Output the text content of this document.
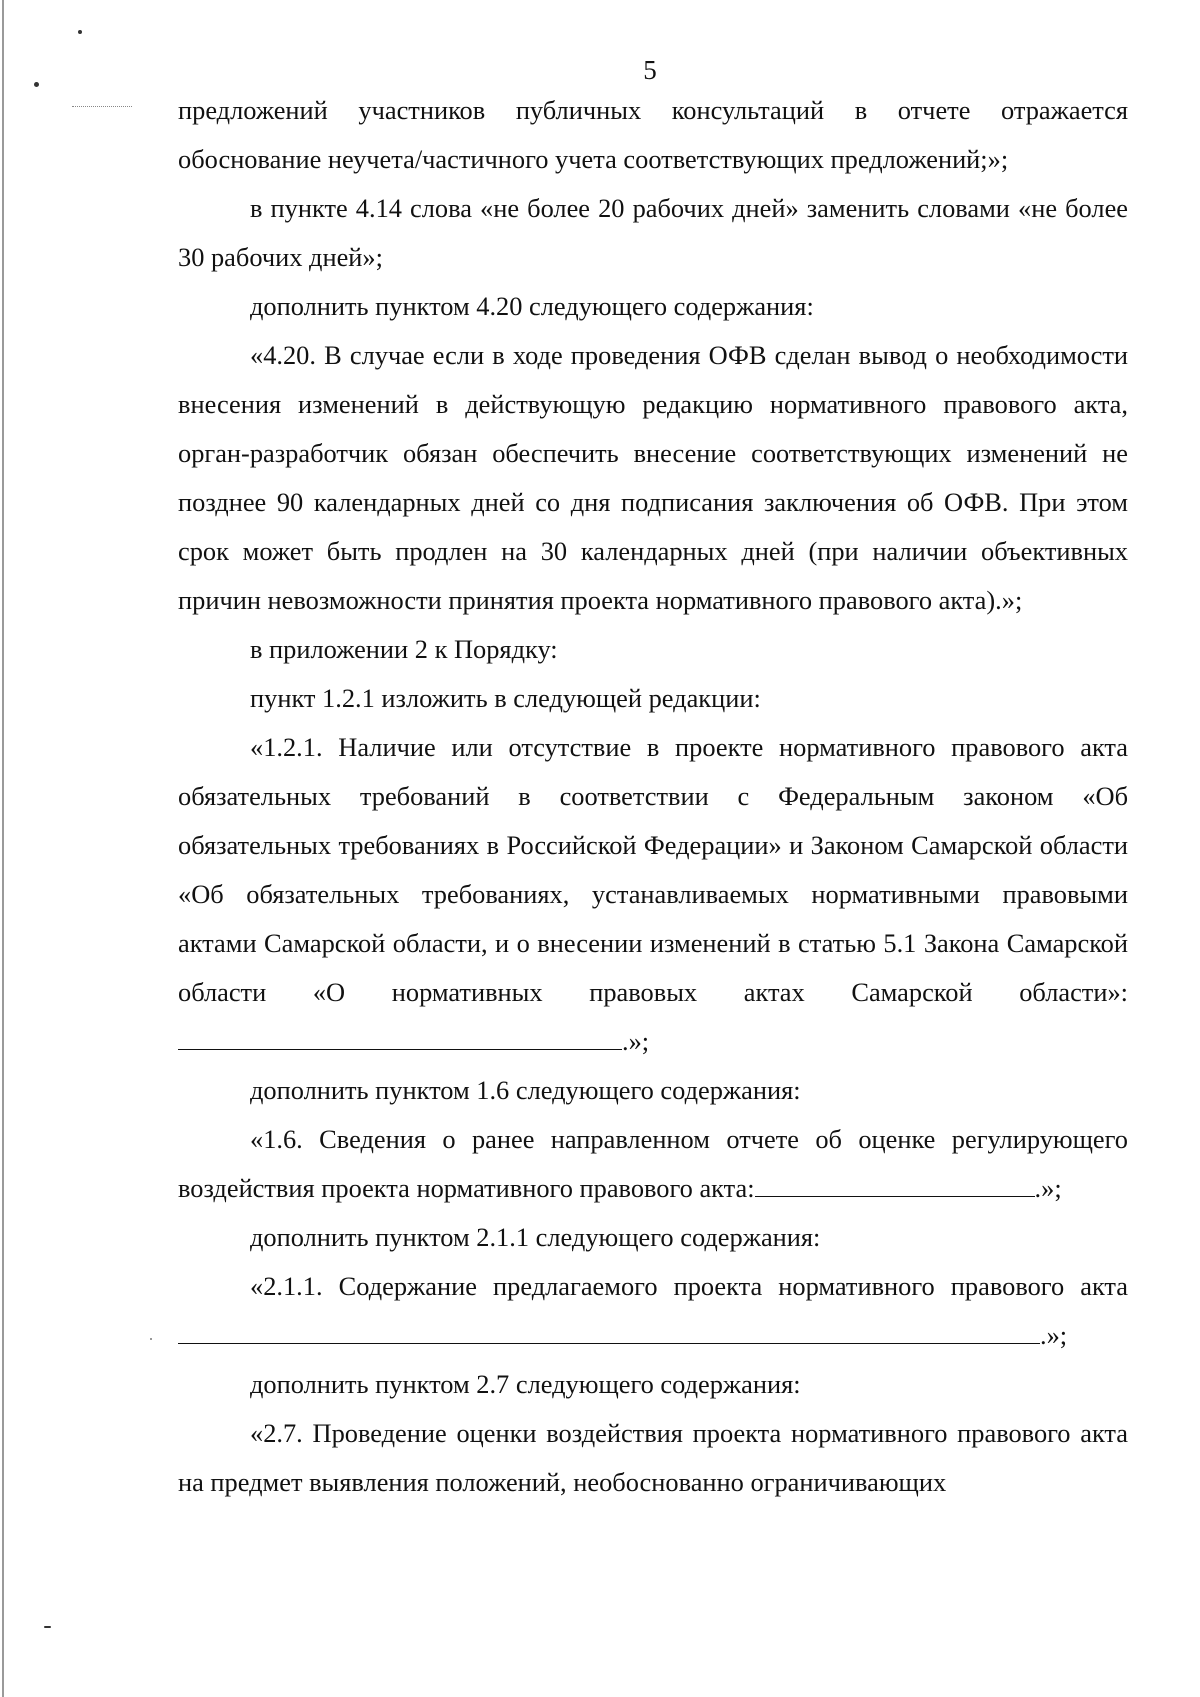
5

предложений участников публичных консультаций в отчете отражается обоснование неучета/частичного учета соответствующих предложений;»;

в пункте 4.14 слова «не более 20 рабочих дней» заменить словами «не более 30 рабочих дней»;

дополнить пунктом 4.20 следующего содержания:

«4.20. В случае если в ходе проведения ОФВ сделан вывод о необходимости внесения изменений в действующую редакцию нормативного правового акта, орган-разработчик обязан обеспечить внесение соответствующих изменений не позднее 90 календарных дней со дня подписания заключения об ОФВ. При этом срок может быть продлен на 30 календарных дней (при наличии объективных причин невозможности принятия проекта нормативного правового акта).»;

в приложении 2 к Порядку:

пункт 1.2.1 изложить в следующей редакции:

«1.2.1. Наличие или отсутствие в проекте нормативного правового акта обязательных требований в соответствии с Федеральным законом «Об обязательных требованиях в Российской Федерации» и Законом Самарской области «Об обязательных требованиях, устанавливаемых нормативными правовыми актами Самарской области, и о внесении изменений в статью 5.1 Закона Самарской области «О нормативных правовых актах Самарской области»:.»;

дополнить пунктом 1.6 следующего содержания:

«1.6. Сведения о ранее направленном отчете об оценке регулирующего воздействия проекта нормативного правового акта:	.»;

дополнить пунктом 2.1.1 следующего содержания:

«2.1.1. Содержание предлагаемого проекта нормативного правового акта .»;

дополнить пунктом 2.7 следующего содержания:

«2.7. Проведение оценки воздействия проекта нормативного правового акта на предмет выявления положений, необоснованно ограничивающих
